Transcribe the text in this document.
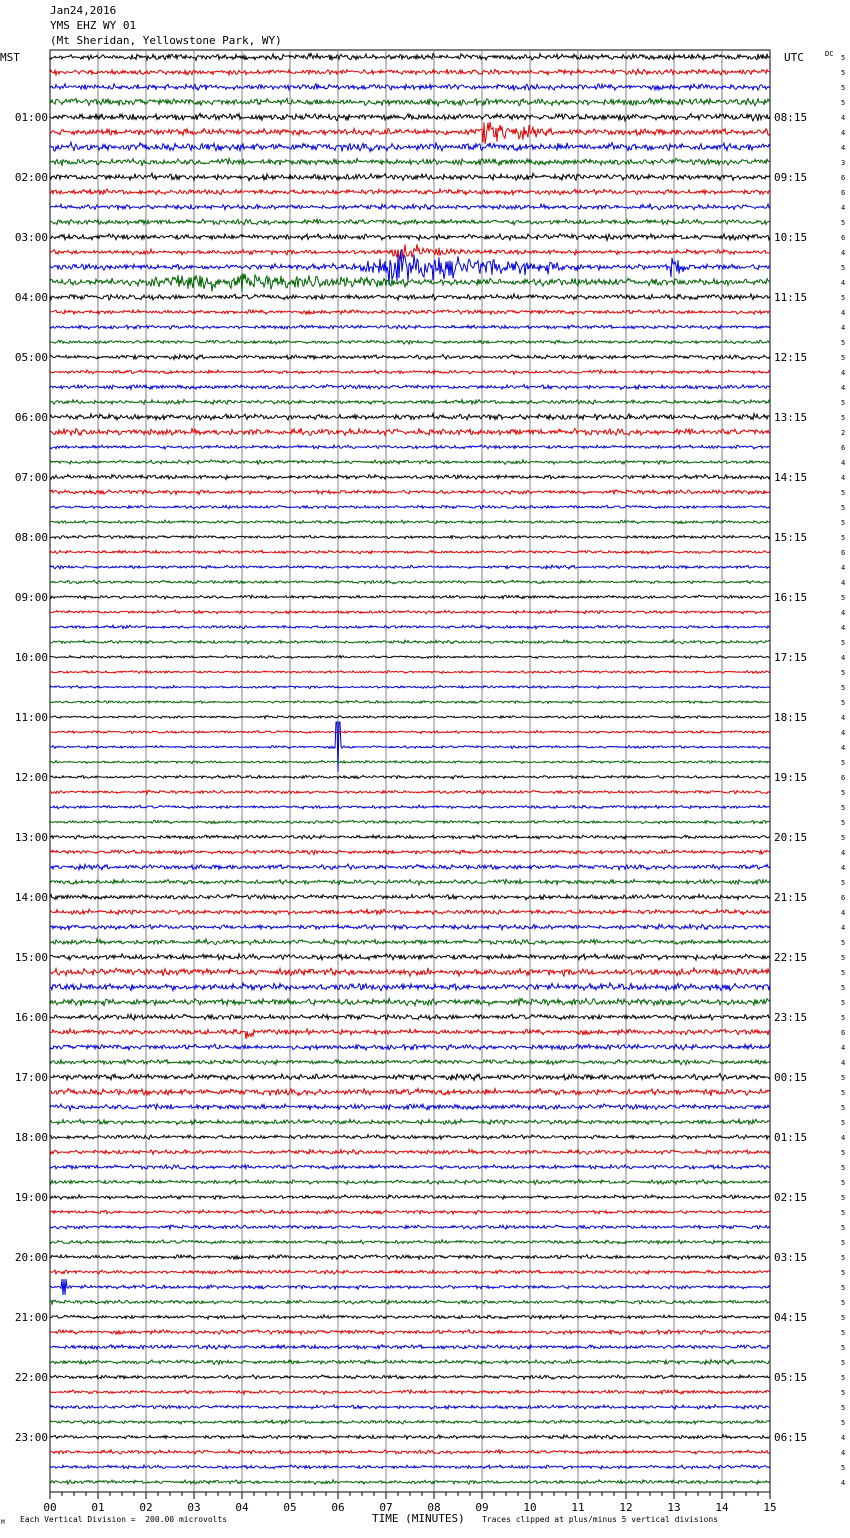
Jan24,2016
YMS EHZ WY 01
(Mt Sheridan, Yellowstone Park, WY)
00	01	02	03	04	05	06	07	08	09	10	11	12	13	14	15
MST	UTC	DC
01:00
02:00
03:00
04:00
05:00
06:00
07:00
08:00
09:00
10:00
11:00
12:00
13:00
14:00
15:00
16:00
17:00
18:00
19:00
20:00
21:00
22:00
23:00
08:15
09:15
10:15
11:15
12:15
13:15
14:15
15:15
16:15
17:15
18:15
19:15
20:15
21:15
22:15
23:15
00:15
01:15
02:15
03:15
04:15
05:15
06:15
5
5
5
5
4
4
4
3
6
6
4
5
6
4
5
4
5
4
4
5
5
4
4
5
5
2
6
4
4
5
5
5
5
6
4
4
5
4
4
5
4
5
5
5
4
4
4
5
6
5
5
5
5
4
4
5
6
4
4
5
5
5
5
5
5
6
4
4
5
5
5
5
4
5
5
5
5
5
5
5
5
5
5
5
5
5
5
5
5
5
5
5
4
4
5
4
M Each Vertical Division =  200.00 microvolts	TIME (MINUTES) Traces clipped at plus/minus 5 vertical divisions
